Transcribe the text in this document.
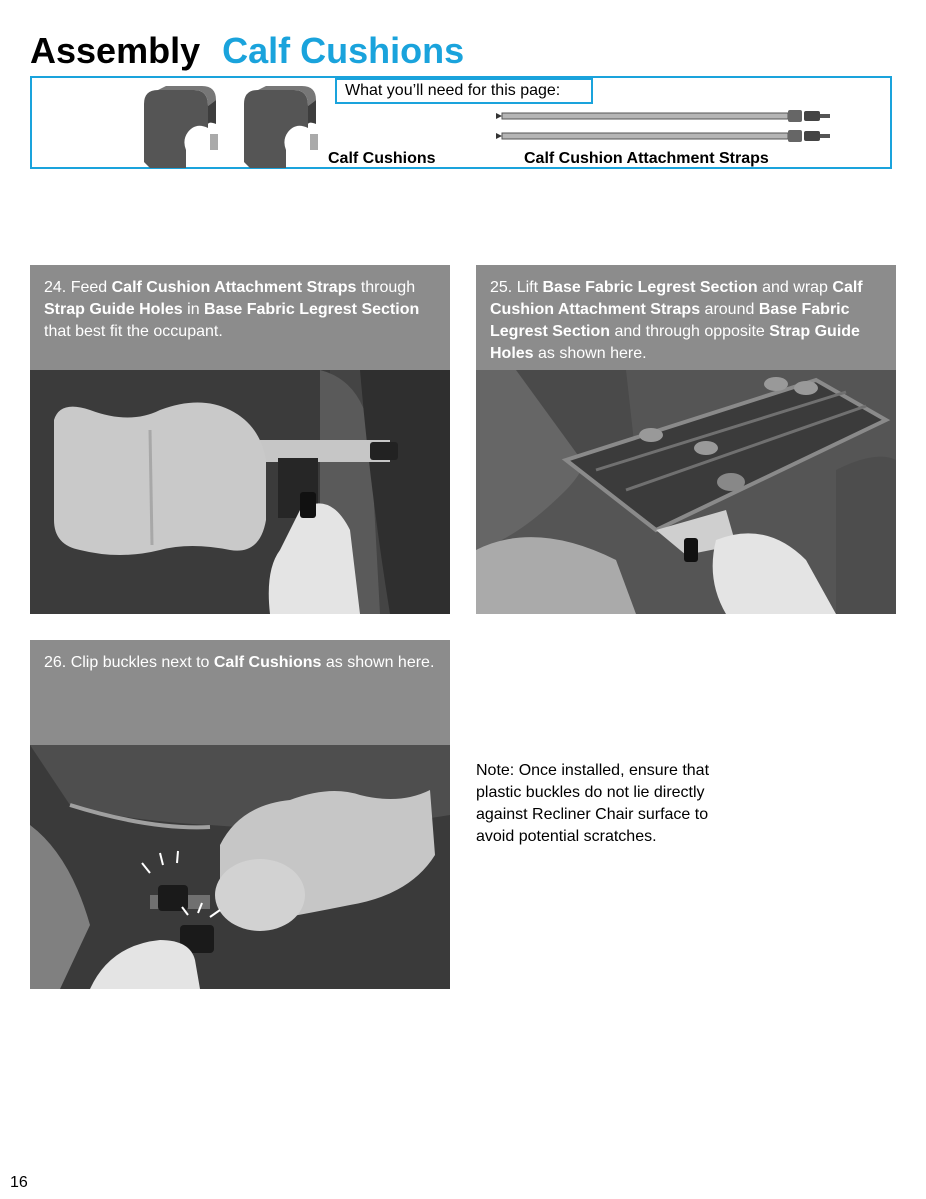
Assembly Calf Cushions
What you’ll need for this page:
Calf Cushions	Calf Cushion Attachment Straps
24. Feed Calf Cushion Attachment Straps through Strap Guide Holes in Base Fabric Legrest Section that best fit the occupant.
25. Lift Base Fabric Legrest Section and wrap Calf Cushion Attachment Straps around Base Fabric Legrest Section and through opposite Strap Guide Holes as shown here.
26. Clip buckles next to Calf Cushions as shown here.
Note: Once installed, ensure that plastic buckles do not lie directly against Recliner Chair surface to avoid potential scratches.
16
